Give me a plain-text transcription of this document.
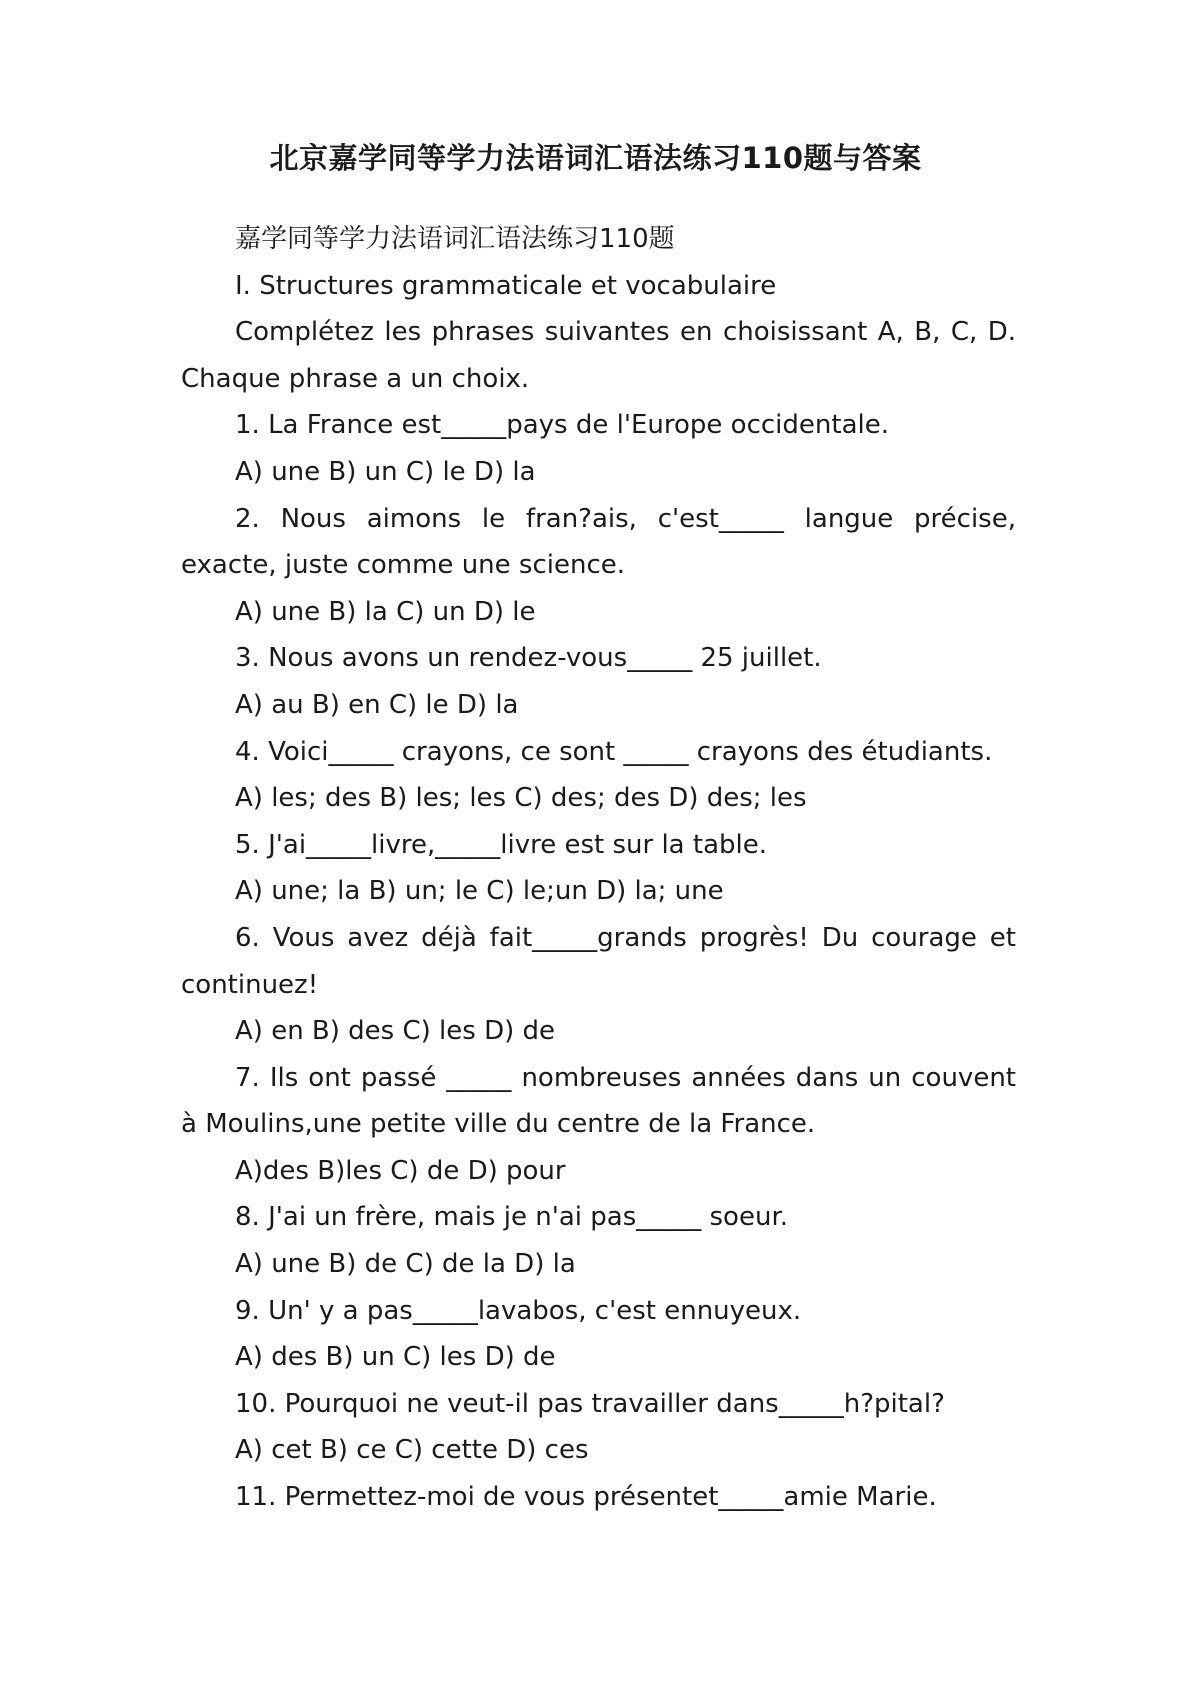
北京嘉学同等学力法语词汇语法练习110题与答案

嘉学同等学力法语词汇语法练习110题

I. Structures grammaticale et vocabulaire

Complétez les phrases suivantes en choisissant A, B, C, D. Chaque phrase a un choix.

1. La France est_____pays de l'Europe occidentale.

A) une B) un C) le D) la

2. Nous aimons le fran?ais, c'est_____ langue précise, exacte, juste comme une science.

A) une B) la C) un D) le

3. Nous avons un rendez-vous_____ 25 juillet.

A) au B) en C) le D) la

4. Voici_____ crayons, ce sont _____ crayons des étudiants.

A) les; des B) les; les C) des; des D) des; les

5. J'ai_____livre,_____livre est sur la table.

A) une; la B) un; le C) le;un D) la; une

6. Vous avez déjà fait_____grands progrès! Du courage et continuez!

A) en B) des C) les D) de

7. Ils ont passé _____ nombreuses années dans un couvent à Moulins,une petite ville du centre de la France.

A)des B)les C) de D) pour

8. J'ai un frère, mais je n'ai pas_____ soeur.

A) une B) de C) de la D) la

9. Un' y a pas_____lavabos, c'est ennuyeux.

A) des B) un C) les D) de

10. Pourquoi ne veut-il pas travailler dans_____h?pital?

A) cet B) ce C) cette D) ces

11. Permettez-moi de vous présentet_____amie Marie.
